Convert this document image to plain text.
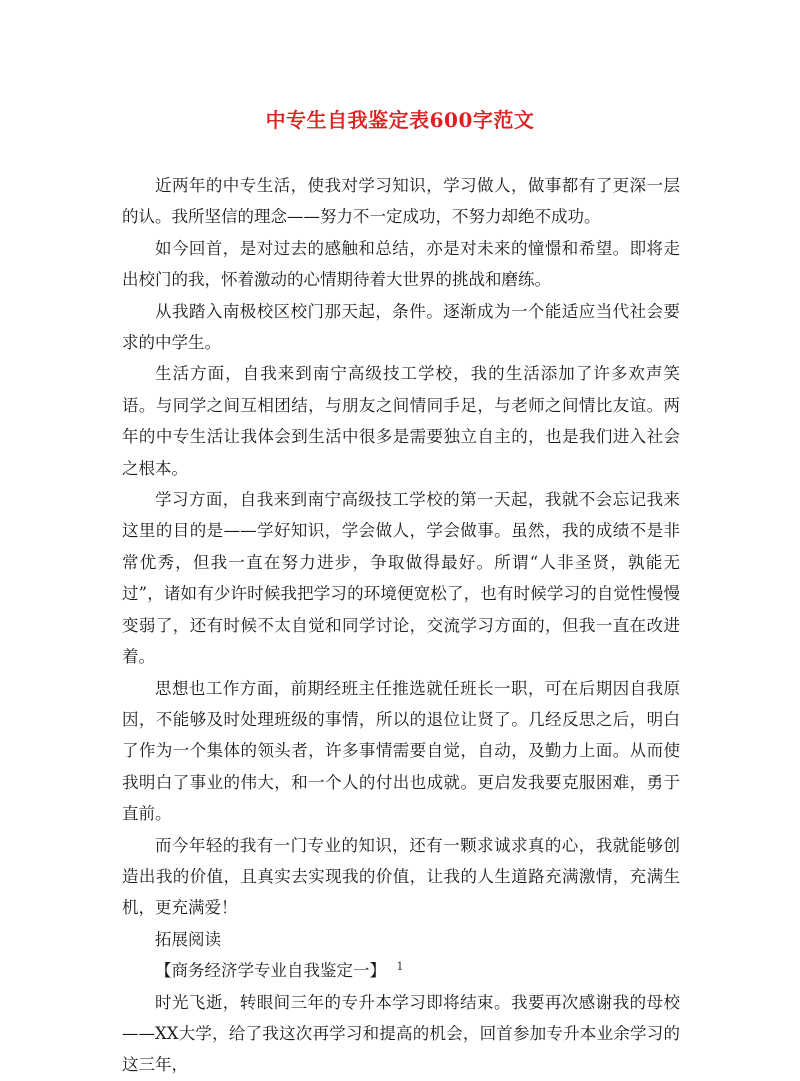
中专生自我鉴定表600字范文

近两年的中专生活，使我对学习知识，学习做人，做事都有了更深一层的认。我所坚信的理念——努力不一定成功，不努力却绝不成功。

如今回首，是对过去的感触和总结，亦是对未来的憧憬和希望。即将走出校门的我，怀着激动的心情期待着大世界的挑战和磨练。

从我踏入南极校区校门那天起，条件。逐渐成为一个能适应当代社会要求的中学生。

生活方面，自我来到南宁高级技工学校，我的生活添加了许多欢声笑语。与同学之间互相团结，与朋友之间情同手足，与老师之间情比友谊。两年的中专生活让我体会到生活中很多是需要独立自主的，也是我们进入社会之根本。

学习方面，自我来到南宁高级技工学校的第一天起，我就不会忘记我来这里的目的是——学好知识，学会做人，学会做事。虽然，我的成绩不是非常优秀，但我一直在努力进步，争取做得最好。所谓“人非圣贤，孰能无过”，诸如有少许时候我把学习的环境便宽松了，也有时候学习的自觉性慢慢变弱了，还有时候不太自觉和同学讨论，交流学习方面的，但我一直在改进着。

思想也工作方面，前期经班主任推选就任班长一职，可在后期因自我原因，不能够及时处理班级的事情，所以的退位让贤了。几经反思之后，明白了作为一个集体的领头者，许多事情需要自觉，自动，及勤力上面。从而使我明白了事业的伟大，和一个人的付出也成就。更启发我要克服困难，勇于直前。

而今年轻的我有一门专业的知识，还有一颗求诚求真的心，我就能够创造出我的价值，且真实去实现我的价值，让我的人生道路充满激情，充满生机，更充满爱！

拓展阅读

【商务经济学专业自我鉴定一】

时光飞逝，转眼间三年的专升本学习即将结束。我要再次感谢我的母校——XX大学，给了我这次再学习和提高的机会，回首参加专升本业余学习的这三年，

1
